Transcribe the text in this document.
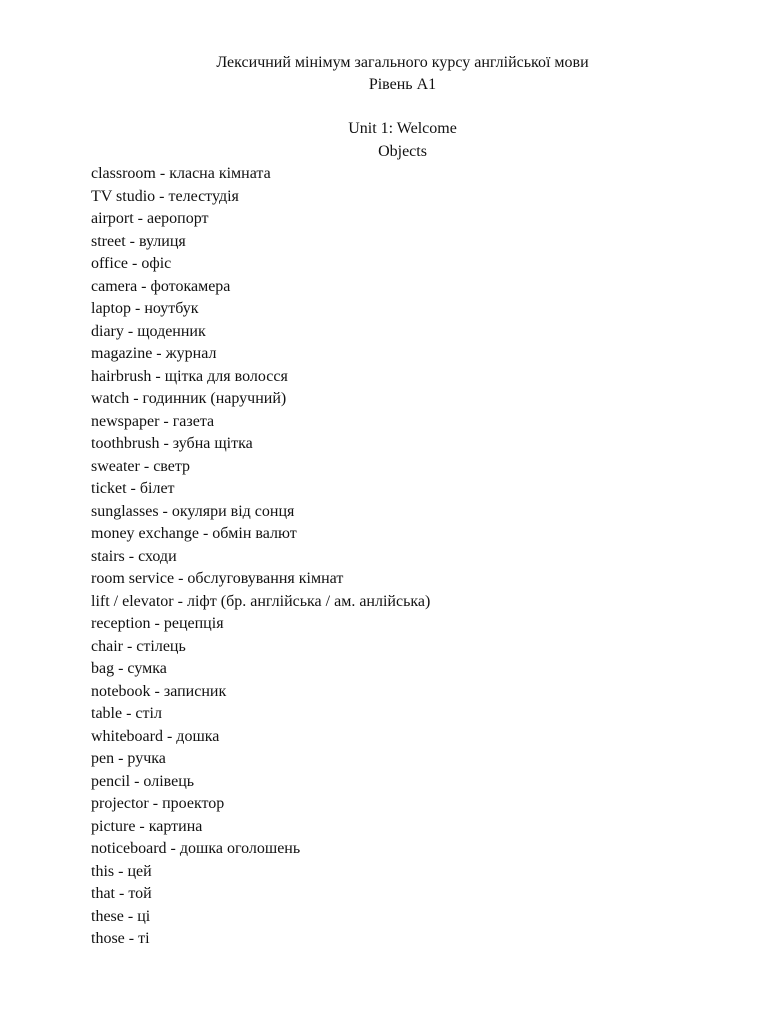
Лексичний мінімум загального курсу англійської мови

Рівень А1

Unit 1: Welcome

Objects

classroom - класна кімната
TV studio - телестудія
airport - аеропорт
street - вулиця
office - офіс
camera - фотокамера
laptop - ноутбук
diary - щоденник
magazine - журнал
hairbrush - щітка для волосся
watch - годинник (наручний)
newspaper - газета
toothbrush - зубна щітка
sweater - светр
ticket - білет
sunglasses - окуляри від сонця
money exchange - обмін валют
stairs - сходи
room service - обслуговування кімнат
lift / elevator - ліфт (бр. англійська / ам. анлійська)
reception - рецепція
chair - стілець
bag - сумка
notebook - записник
table - стіл
whiteboard - дошка
pen - ручка
pencil - олівець
projector - проектор
picture - картина
noticeboard - дошка оголошень
this - цей
that - той
these - ці
those - ті
